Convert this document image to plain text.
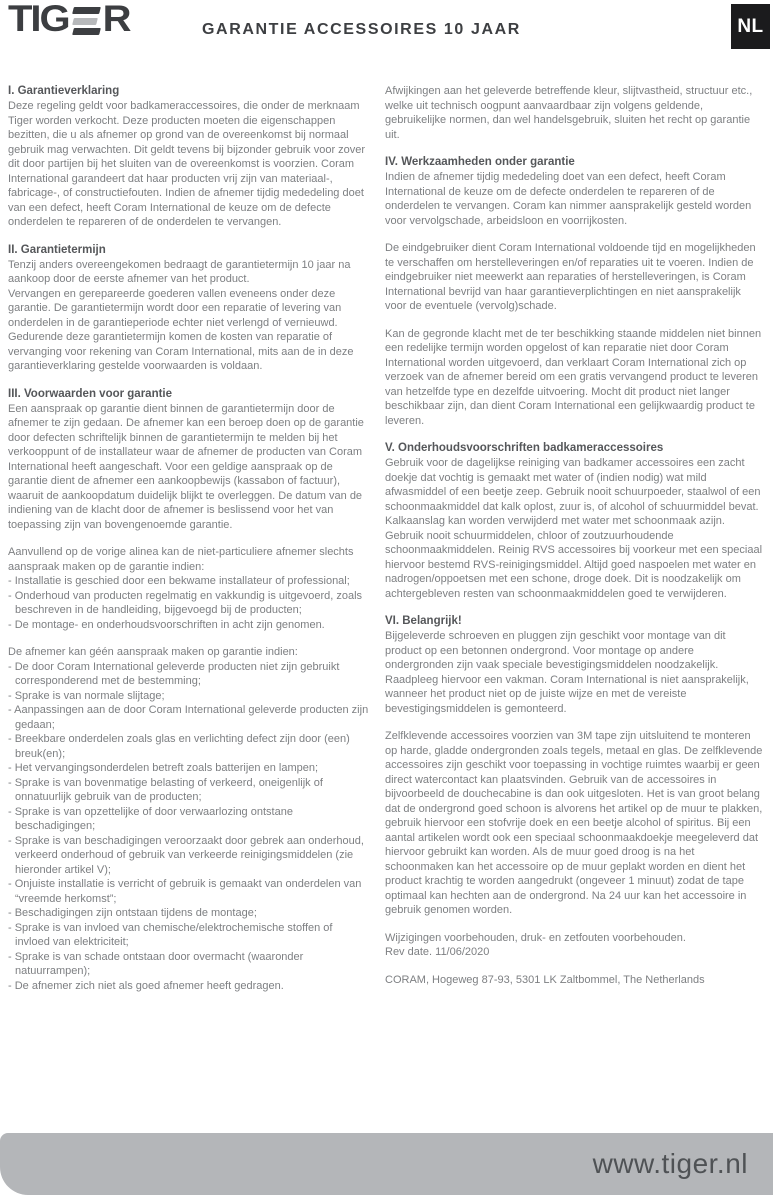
TIG R	GARANTIE ACCESSOIRES 10 JAAR	NL
I. Garantieverklaring
Deze regeling geldt voor badkameraccessoires, die onder de merknaam Tiger worden verkocht. Deze producten moeten die eigenschappen bezitten, die u als afnemer op grond van de overeenkomst bij normaal gebruik mag verwachten. Dit geldt tevens bij bijzonder gebruik voor zover dit door partijen bij het sluiten van de overeenkomst is voorzien. Coram International garandeert dat haar producten vrij zijn van materiaal-, fabricage-, of constructiefouten. Indien de afnemer tijdig mededeling doet van een defect, heeft Coram International de keuze om de defecte onderdelen te repareren of de onderdelen te vervangen.
II. Garantietermijn
Tenzij anders overeengekomen bedraagt de garantietermijn 10 jaar na aankoop door de eerste afnemer van het product.
Vervangen en gerepareerde goederen vallen eveneens onder deze garantie. De garantietermijn wordt door een reparatie of levering van onderdelen in de garantieperiode echter niet verlengd of vernieuwd.
Gedurende deze garantietermijn komen de kosten van reparatie of vervanging voor rekening van Coram International, mits aan de in deze garantieverklaring gestelde voorwaarden is voldaan.
III. Voorwaarden voor garantie
Een aanspraak op garantie dient binnen de garantietermijn door de afnemer te zijn gedaan. De afnemer kan een beroep doen op de garantie door defecten schriftelijk binnen de garantietermijn te melden bij het verkooppunt of de installateur waar de afnemer de producten van Coram International heeft aangeschaft. Voor een geldige aanspraak op de garantie dient de afnemer een aankoopbewijs (kassabon of factuur), waaruit de aankoopdatum duidelijk blijkt te overleggen. De datum van de indiening van de klacht door de afnemer is beslissend voor het van toepassing zijn van bovengenoemde garantie.
Aanvullend op de vorige alinea kan de niet-particuliere afnemer slechts aanspraak maken op de garantie indien:
- Installatie is geschied door een bekwame installateur of professional;
- Onderhoud van producten regelmatig en vakkundig is uitgevoerd, zoals beschreven in de handleiding, bijgevoegd bij de producten;
- De montage- en onderhoudsvoorschriften in acht zijn genomen.
De afnemer kan géén aanspraak maken op garantie indien:
- De door Coram International geleverde producten niet zijn gebruikt corresponderend met de bestemming;
- Sprake is van normale slijtage;
- Aanpassingen aan de door Coram International geleverde producten zijn gedaan;
- Breekbare onderdelen zoals glas en verlichting defect zijn door (een) breuk(en);
- Het vervangingsonderdelen betreft zoals batterijen en lampen;
- Sprake is van bovenmatige belasting of verkeerd, oneigenlijk of onnatuurlijk gebruik van de producten;
- Sprake is van opzettelijke of door verwaarlozing ontstane beschadigingen;
- Sprake is van beschadigingen veroorzaakt door gebrek aan onderhoud, verkeerd onderhoud of gebruik van verkeerde reinigingsmiddelen (zie hieronder artikel V);
- Onjuiste installatie is verricht of gebruik is gemaakt van onderdelen van “vreemde herkomst”;
- Beschadigingen zijn ontstaan tijdens de montage;
- Sprake is van invloed van chemische/elektrochemische stoffen of invloed van elektriciteit;
- Sprake is van schade ontstaan door overmacht (waaronder natuurrampen);
- De afnemer zich niet als goed afnemer heeft gedragen.
Afwijkingen aan het geleverde betreffende kleur, slijtvastheid, structuur etc., welke uit technisch oogpunt aanvaardbaar zijn volgens geldende, gebruikelijke normen, dan wel handelsgebruik, sluiten het recht op garantie uit.
IV. Werkzaamheden onder garantie
Indien de afnemer tijdig mededeling doet van een defect, heeft Coram International de keuze om de defecte onderdelen te repareren of de onderdelen te vervangen. Coram kan nimmer aansprakelijk gesteld worden voor vervolgschade, arbeidsloon en voorrijkosten.
De eindgebruiker dient Coram International voldoende tijd en mogelijkheden te verschaffen om herstelleveringen en/of reparaties uit te voeren. Indien de eindgebruiker niet meewerkt aan reparaties of herstelleveringen, is Coram International bevrijd van haar garantieverplichtingen en niet aansprakelijk voor de eventuele (vervolg)schade.
Kan de gegronde klacht met de ter beschikking staande middelen niet binnen een redelijke termijn worden opgelost of kan reparatie niet door Coram International worden uitgevoerd, dan verklaart Coram International zich op verzoek van de afnemer bereid om een gratis vervangend product te leveren van hetzelfde type en dezelfde uitvoering. Mocht dit product niet langer beschikbaar zijn, dan dient Coram International een gelijkwaardig product te leveren.
V. Onderhoudsvoorschriften badkameraccessoires
Gebruik voor de dagelijkse reiniging van badkamer accessoires een zacht doekje dat vochtig is gemaakt met water of (indien nodig) wat mild afwasmiddel of een beetje zeep. Gebruik nooit schuurpoeder, staalwol of een schoonmaakmiddel dat kalk oplost, zuur is, of alcohol of schuurmiddel bevat. Kalkaanslag kan worden verwijderd met water met schoonmaak azijn. Gebruik nooit schuurmiddelen, chloor of zoutzuurhoudende schoonmaakmiddelen. Reinig RVS accessoires bij voorkeur met een speciaal hiervoor bestemd RVS-reinigingsmiddel. Altijd goed naspoelen met water en nadrogen/oppoetsen met een schone, droge doek. Dit is noodzakelijk om achtergebleven resten van schoonmaakmiddelen goed te verwijderen.
VI. Belangrijk!
Bijgeleverde schroeven en pluggen zijn geschikt voor montage van dit product op een betonnen ondergrond. Voor montage op andere ondergronden zijn vaak speciale bevestigingsmiddelen noodzakelijk. Raadpleeg hiervoor een vakman. Coram International is niet aansprakelijk, wanneer het product niet op de juiste wijze en met de vereiste bevestigingsmiddelen is gemonteerd.
Zelfklevende accessoires voorzien van 3M tape zijn uitsluitend te monteren op harde, gladde ondergronden zoals tegels, metaal en glas. De zelfklevende accessoires zijn geschikt voor toepassing in vochtige ruimtes waarbij er geen direct watercontact kan plaatsvinden. Gebruik van de accessoires in bijvoorbeeld de douchecabine is dan ook uitgesloten. Het is van groot belang dat de ondergrond goed schoon is alvorens het artikel op de muur te plakken, gebruik hiervoor een stofvrije doek en een beetje alcohol of spiritus. Bij een aantal artikelen wordt ook een speciaal schoonmaakdoekje meegeleverd dat hiervoor gebruikt kan worden. Als de muur goed droog is na het schoonmaken kan het accessoire op de muur geplakt worden en dient het product krachtig te worden aangedrukt (ongeveer 1 minuut) zodat de tape optimaal kan hechten aan de ondergrond. Na 24 uur kan het accessoire in gebruik genomen worden.
Wijzigingen voorbehouden, druk- en zetfouten voorbehouden.
Rev date. 11/06/2020
CORAM, Hogeweg 87-93, 5301 LK Zaltbommel, The Netherlands
www.tiger.nl
